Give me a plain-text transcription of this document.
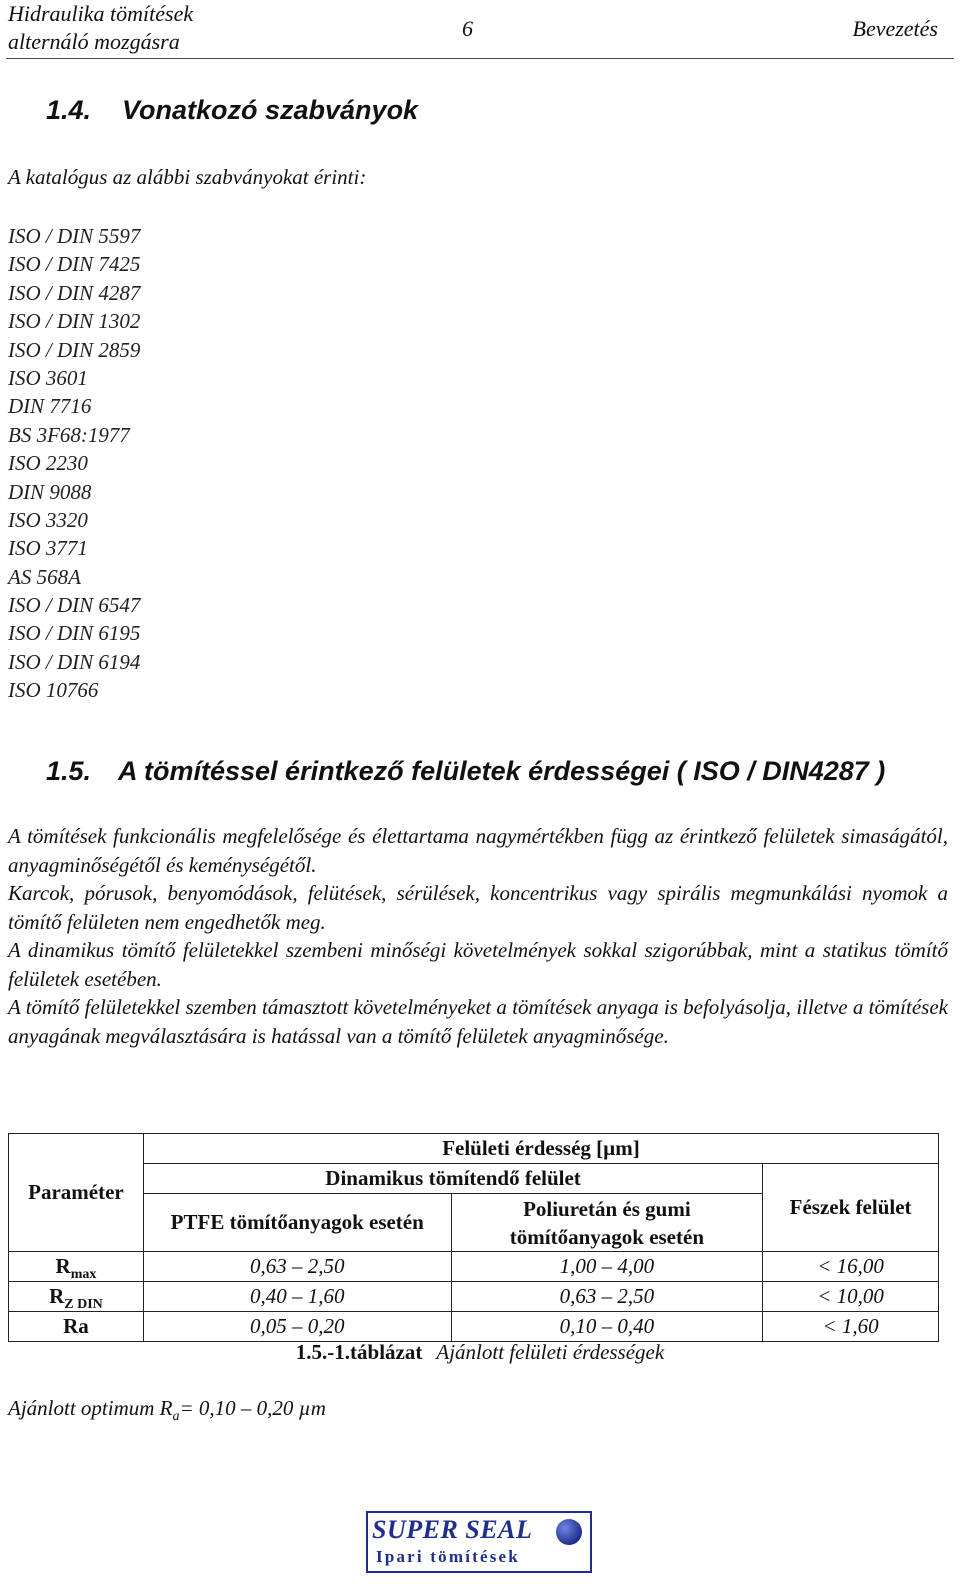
Hidraulika tömítések
alternáló mozgásra
6	Bevezetés
1.4. Vonatkozó szabványok
A katalógus az alábbi szabványokat érinti:
ISO / DIN 5597
ISO / DIN 7425
ISO / DIN 4287
ISO / DIN 1302
ISO / DIN 2859
ISO 3601
DIN 7716
BS 3F68:1977
ISO 2230
DIN 9088
ISO 3320
ISO 3771
AS 568A
ISO / DIN 6547
ISO / DIN 6195
ISO / DIN 6194
ISO 10766
1.5. A tömítéssel érintkező felületek érdességei ( ISO / DIN4287 )

A tömítések funkcionális megfelelősége és élettartama nagymértékben függ az érintkező felületek simaságától, anyagminőségétől és keménységétől.

Karcok, pórusok, benyomódások, felütések, sérülések, koncentrikus vagy spirális megmunkálási nyomok a tömítő felületen nem engedhetők meg.

A dinamikus tömítő felületekkel szembeni minőségi követelmények sokkal szigorúbbak, mint a statikus tömítő felületek esetében.

A tömítő felületekkel szemben támasztott követelményeket a tömítések anyaga is befolyásolja, illetve a tömítések anyagának megválasztására is hatással van a tömítő felületek anyagminősége.

Paraméter	Felületi érdesség [µm]		
	Dinamikus tömítendő felület		Fészek felület
	PTFE tömítőanyagok esetén	Poliuretán és gumi
tömítőanyagok esetén	

$R_{max}$	0,63 – 2,50	1,00 – 4,00	< 16,00
$R_{Z DIN}$	0,40 – 1,60	0,63 – 2,50	< 10,00
Ra	0,05 – 0,20	0,10 – 0,40	< 1,60
1.5.-1.táblázat Ajánlott felületi érdességek
Ajánlott optimum $R_a= 0,10 - 0,20$ µm
SUPER SEAL
Ipari tömítések
